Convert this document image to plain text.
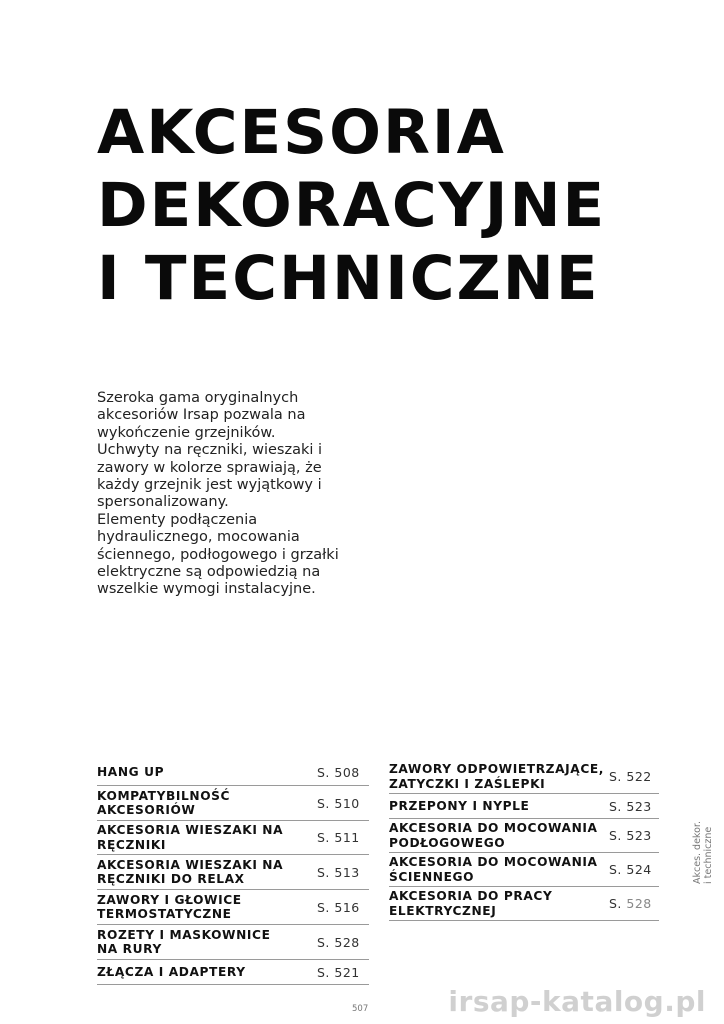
AKCESORIA
DEKORACYJNE
I TECHNICZNE
Szeroka gama oryginalnych
akcesoriów Irsap pozwala na
wykończenie grzejników.
Uchwyty na ręczniki, wieszaki i
zawory w kolorze sprawiają, że
każdy grzejnik jest wyjątkowy i
spersonalizowany.
Elementy podłączenia
hydraulicznego, mocowania
ściennego, podłogowego i grzałki
elektryczne są odpowiedzią na
wszelkie wymogi instalacyjne.
HANG UP	S. 508
KOMPATYBILNOŚĆ
AKCESORIÓW	S. 510
AKCESORIA WIESZAKI NA
RĘCZNIKI	S. 511
AKCESORIA WIESZAKI NA
RĘCZNIKI DO RELAX	S. 513
ZAWORY I GŁOWICE
TERMOSTATYCZNE	S. 516
ROZETY I MASKOWNICE
NA RURY	S. 528
ZŁĄCZA I ADAPTERY	S. 521
ZAWORY ODPOWIETRZAJĄCE,
ZATYCZKI I ZAŚLEPKI	S. 522
PRZEPONY I NYPLE	S. 523
AKCESORIA DO MOCOWANIA
PODŁOGOWEGO	S. 523
AKCESORIA DO MOCOWANIA
ŚCIENNEGO	S. 524
AKCESORIA DO PRACY
ELEKTRYCZNEJ	S. 528
Akces. dekor. i techniczne
507	irsap-katalog.pl
